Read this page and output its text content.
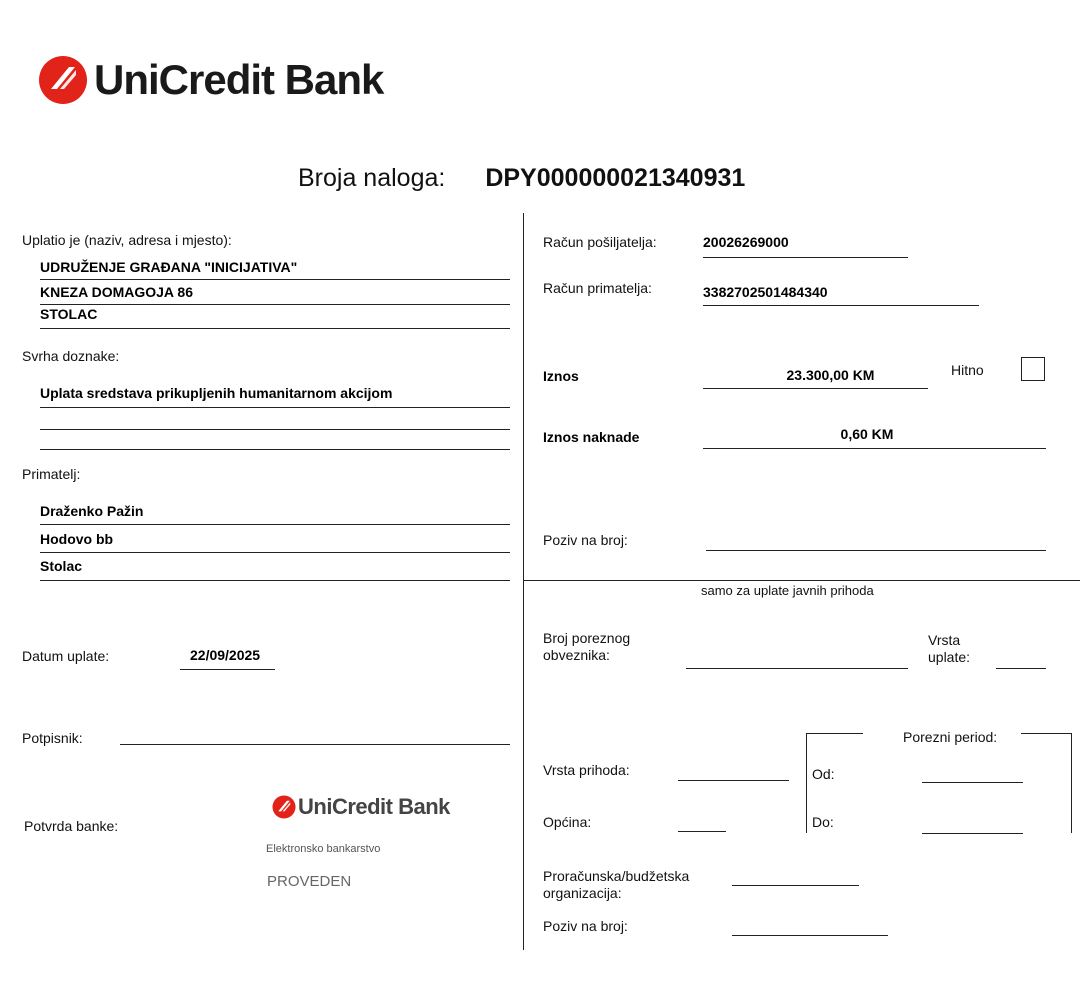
UniCredit Bank
Broja naloga: DPY000000021340931
Uplatio je (naziv, adresa i mjesto):
UDRUŽENJE GRAĐANA "INICIJATIVA"
KNEZA DOMAGOJA 86
STOLAC
Svrha doznake:
Uplata sredstava prikupljenih humanitarnom akcijom
Primatelj:
Draženko Pažin
Hodovo bb
Stolac
Datum uplate:	22/09/2025
Potpisnik:
Potvrda banke:
UniCredit Bank
Elektronsko bankarstvo
PROVEDEN
Račun pošiljatelja:	20026269000
Račun primatelja:	3382702501484340
Iznos	23.300,00 KM	Hitno
Iznos naknade	0,60 KM
Poziv na broj:
samo za uplate javnih prihoda
Broj poreznog
obveznika:
Vrsta
uplate:
Porezni period:
Vrsta prihoda:	Od:
Općina:	Do:
Proračunska/budžetska
organizacija:
Poziv na broj:
